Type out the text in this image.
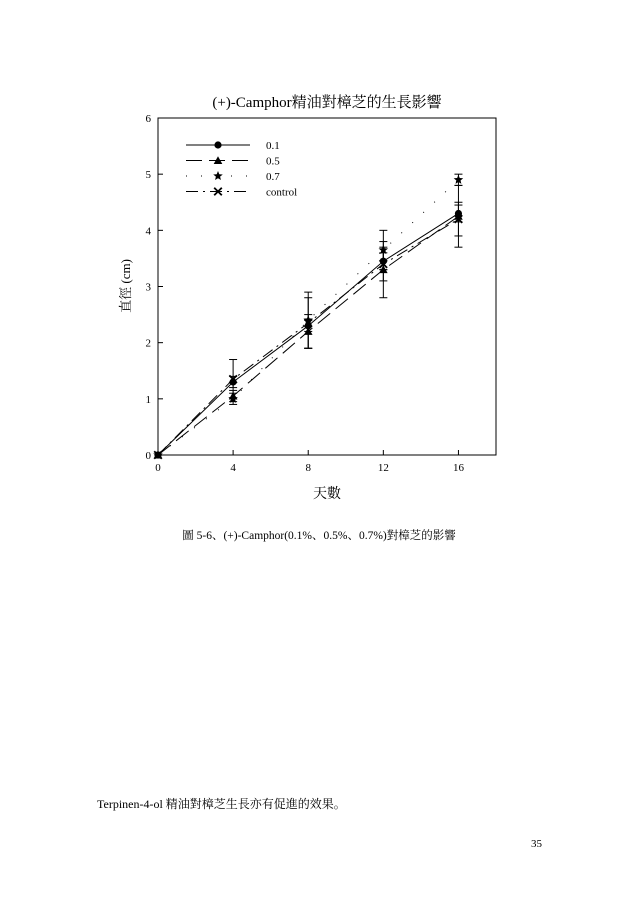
(+)-Camphor精油對樟芝的生長影響
0	4	8	12	16
0
1
2
3
4
5
6
0.1
0.5
0.7
control
天數
直徑 (cm)
圖 5-6、(+)-Camphor(0.1%、0.5%、0.7%)對樟芝的影響
Terpinen-4-ol 精油對樟芝生長亦有促進的效果。
35
